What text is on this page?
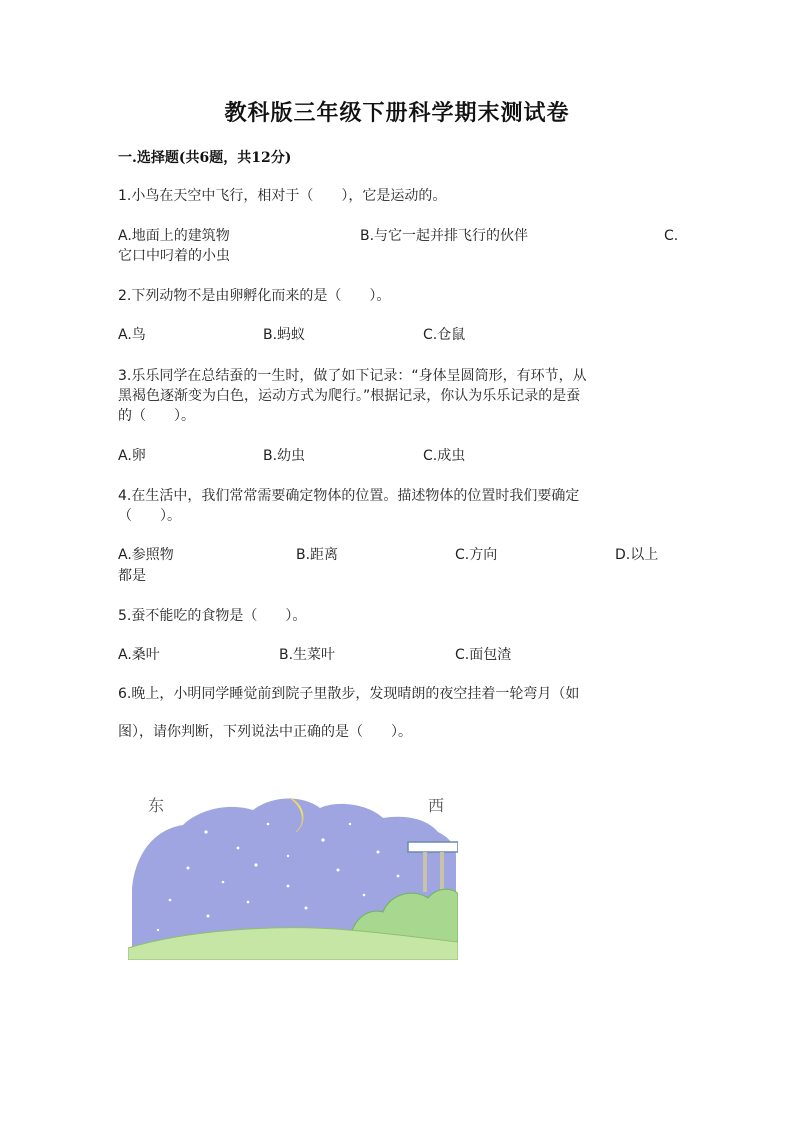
教科版三年级下册科学期末测试卷
一.选择题(共6题，共12分)
1.小鸟在天空中飞行，相对于（　　），它是运动的。
A.地面上的建筑物	B.与它一起并排飞行的伙伴	C.
它口中叼着的小虫
2.下列动物不是由卵孵化而来的是（　　）。
A.鸟	B.蚂蚁	C.仓鼠
3.乐乐同学在总结蚕的一生时，做了如下记录：“身体呈圆筒形，有环节，从
黑褐色逐渐变为白色，运动方式为爬行。”根据记录，你认为乐乐记录的是蚕
的（　　）。
A.卵	B.幼虫	C.成虫
4.在生活中，我们常常需要确定物体的位置。描述物体的位置时我们要确定
（　　）。
A.参照物	B.距离	C.方向	D.以上
都是
5.蚕不能吃的食物是（　　）。
A.桑叶	B.生菜叶	C.面包渣
6.晚上，小明同学睡觉前到院子里散步，发现晴朗的夜空挂着一轮弯月（如
图），请你判断，下列说法中正确的是（　　）。
东	西
